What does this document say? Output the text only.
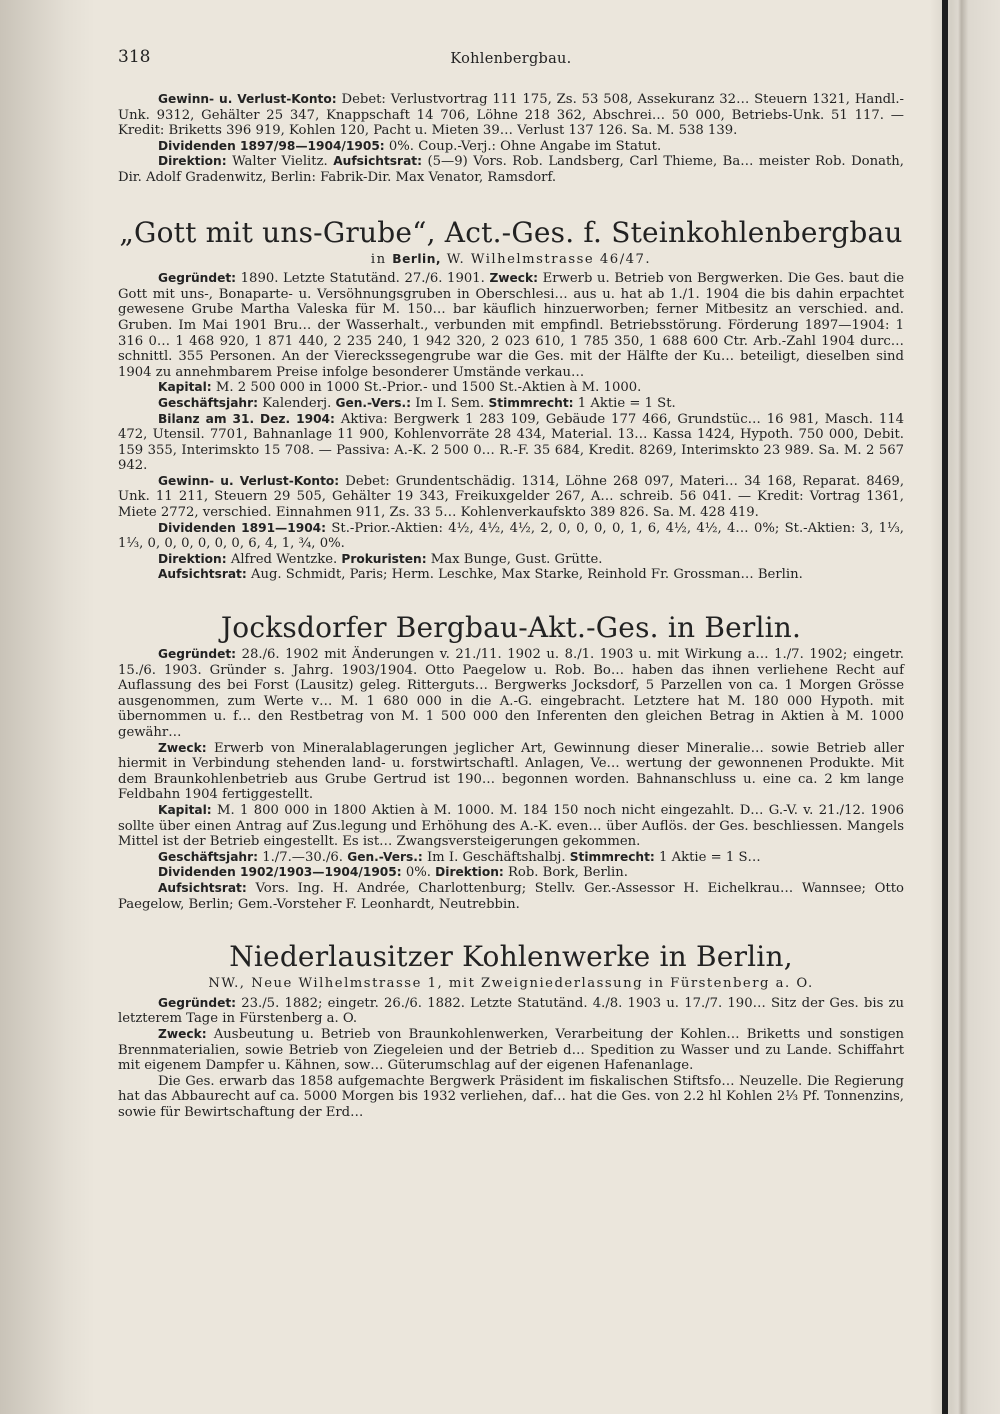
318	Kohlenbergbau.

Gewinn- u. Verlust-Konto: Debet: Verlustvortrag 111 175, Zs. 53 508, Assekuranz 32… Steuern 1321, Handl.-Unk. 9312, Gehälter 25 347, Knappschaft 14 706, Löhne 218 362, Abschrei… 50 000, Betriebs-Unk. 51 117. — Kredit: Briketts 396 919, Kohlen 120, Pacht u. Mieten 39… Verlust 137 126. Sa. M. 538 139.

Dividenden 1897/98—1904/1905: 0%. Coup.-Verj.: Ohne Angabe im Statut.

Direktion: Walter Vielitz. Aufsichtsrat: (5—9) Vors. Rob. Landsberg, Carl Thieme, Ba… meister Rob. Donath, Dir. Adolf Gradenwitz, Berlin: Fabrik-Dir. Max Venator, Ramsdorf.

„Gott mit uns-Grube“, Act.-Ges. f. Steinkohlenbergbau
in Berlin, W. Wilhelmstrasse 46/47.

Gegründet: 1890. Letzte Statutänd. 27./6. 1901. Zweck: Erwerb u. Betrieb von Bergwerken. Die Ges. baut die Gott mit uns-, Bonaparte- u. Versöhnungsgruben in Oberschlesi… aus u. hat ab 1./1. 1904 die bis dahin erpachtet gewesene Grube Martha Valeska für M. 150… bar käuflich hinzuerworben; ferner Mitbesitz an verschied. and. Gruben. Im Mai 1901 Bru… der Wasserhalt., verbunden mit empfindl. Betriebsstörung. Förderung 1897—1904: 1 316 0… 1 468 920, 1 871 440, 2 235 240, 1 942 320, 2 023 610, 1 785 350, 1 688 600 Ctr. Arb.-Zahl 1904 durc… schnittl. 355 Personen. An der Viereckssegengrube war die Ges. mit der Hälfte der Ku… beteiligt, dieselben sind 1904 zu annehmbarem Preise infolge besonderer Umstände verkau…

Kapital: M. 2 500 000 in 1000 St.-Prior.- und 1500 St.-Aktien à M. 1000.

Geschäftsjahr: Kalenderj. Gen.-Vers.: Im I. Sem. Stimmrecht: 1 Aktie = 1 St.

Bilanz am 31. Dez. 1904: Aktiva: Bergwerk 1 283 109, Gebäude 177 466, Grundstüc… 16 981, Masch. 114 472, Utensil. 7701, Bahnanlage 11 900, Kohlenvorräte 28 434, Material. 13… Kassa 1424, Hypoth. 750 000, Debit. 159 355, Interimskto 15 708. — Passiva: A.-K. 2 500 0… R.-F. 35 684, Kredit. 8269, Interimskto 23 989. Sa. M. 2 567 942.

Gewinn- u. Verlust-Konto: Debet: Grundentschädig. 1314, Löhne 268 097, Materi… 34 168, Reparat. 8469, Unk. 11 211, Steuern 29 505, Gehälter 19 343, Freikuxgelder 267, A… schreib. 56 041. — Kredit: Vortrag 1361, Miete 2772, verschied. Einnahmen 911, Zs. 33 5… Kohlenverkaufskto 389 826. Sa. M. 428 419.

Dividenden 1891—1904: St.-Prior.-Aktien: 4½, 4½, 4½, 2, 0, 0, 0, 0, 1, 6, 4½, 4½, 4… 0%; St.-Aktien: 3, 1⅓, 1⅓, 0, 0, 0, 0, 0, 0, 6, 4, 1, ¾, 0%.

Direktion: Alfred Wentzke. Prokuristen: Max Bunge, Gust. Grütte.

Aufsichtsrat: Aug. Schmidt, Paris; Herm. Leschke, Max Starke, Reinhold Fr. Grossman… Berlin.

Jocksdorfer Bergbau-Akt.-Ges. in Berlin.

Gegründet: 28./6. 1902 mit Änderungen v. 21./11. 1902 u. 8./1. 1903 u. mit Wirkung a… 1./7. 1902; eingetr. 15./6. 1903. Gründer s. Jahrg. 1903/1904. Otto Paegelow u. Rob. Bo… haben das ihnen verliehene Recht auf Auflassung des bei Forst (Lausitz) geleg. Ritterguts… Bergwerks Jocksdorf, 5 Parzellen von ca. 1 Morgen Grösse ausgenommen, zum Werte v… M. 1 680 000 in die A.-G. eingebracht. Letztere hat M. 180 000 Hypoth. mit übernommen u. f… den Restbetrag von M. 1 500 000 den Inferenten den gleichen Betrag in Aktien à M. 1000 gewähr…

Zweck: Erwerb von Mineralablagerungen jeglicher Art, Gewinnung dieser Mineralie… sowie Betrieb aller hiermit in Verbindung stehenden land- u. forstwirtschaftl. Anlagen, Ve… wertung der gewonnenen Produkte. Mit dem Braunkohlenbetrieb aus Grube Gertrud ist 190… begonnen worden. Bahnanschluss u. eine ca. 2 km lange Feldbahn 1904 fertiggestellt.

Kapital: M. 1 800 000 in 1800 Aktien à M. 1000. M. 184 150 noch nicht eingezahlt. D… G.-V. v. 21./12. 1906 sollte über einen Antrag auf Zus.legung und Erhöhung des A.-K. even… über Auflös. der Ges. beschliessen. Mangels Mittel ist der Betrieb eingestellt. Es ist… Zwangsversteigerungen gekommen.

Geschäftsjahr: 1./7.—30./6. Gen.-Vers.: Im I. Geschäftshalbj. Stimmrecht: 1 Aktie = 1 S…

Dividenden 1902/1903—1904/1905: 0%. Direktion: Rob. Bork, Berlin.

Aufsichtsrat: Vors. Ing. H. Andrée, Charlottenburg; Stellv. Ger.-Assessor H. Eichelkrau… Wannsee; Otto Paegelow, Berlin; Gem.-Vorsteher F. Leonhardt, Neutrebbin.

Niederlausitzer Kohlenwerke in Berlin,
NW., Neue Wilhelmstrasse 1, mit Zweigniederlassung in Fürstenberg a. O.

Gegründet: 23./5. 1882; eingetr. 26./6. 1882. Letzte Statutänd. 4./8. 1903 u. 17./7. 190… Sitz der Ges. bis zu letzterem Tage in Fürstenberg a. O.

Zweck: Ausbeutung u. Betrieb von Braunkohlenwerken, Verarbeitung der Kohlen… Briketts und sonstigen Brennmaterialien, sowie Betrieb von Ziegeleien und der Betrieb d… Spedition zu Wasser und zu Lande. Schiffahrt mit eigenem Dampfer u. Kähnen, sow… Güterumschlag auf der eigenen Hafenanlage.

Die Ges. erwarb das 1858 aufgemachte Bergwerk Präsident im fiskalischen Stiftsfo… Neuzelle. Die Regierung hat das Abbaurecht auf ca. 5000 Morgen bis 1932 verliehen, daf… hat die Ges. von 2.2 hl Kohlen 2⅓ Pf. Tonnenzins, sowie für Bewirtschaftung der Erd…
